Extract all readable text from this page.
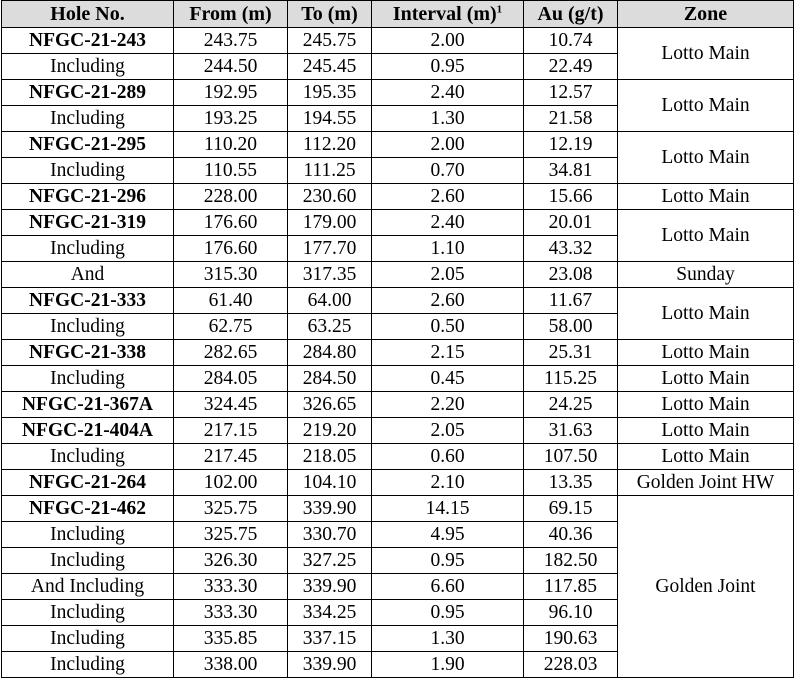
Hole No.	From (m)	To (m)	Interval $(m)^1$	Au (g/t)	Zone
NFGC-21-243	243.75	245.75	2.00	10.74	Lotto Main
Including	244.50	245.45	0.95	22.49	
NFGC-21-289	192.95	195.35	2.40	12.57	Lotto Main
Including	193.25	194.55	1.30	21.58	
NFGC-21-295	110.20	112.20	2.00	12.19	Lotto Main
Including	110.55	111.25	0.70	34.81	
NFGC-21-296	228.00	230.60	2.60	15.66	Lotto Main
NFGC-21-319	176.60	179.00	2.40	20.01	Lotto Main
Including	176.60	177.70	1.10	43.32	
And	315.30	317.35	2.05	23.08	Sunday
NFGC-21-333	61.40	64.00	2.60	11.67	Lotto Main
Including	62.75	63.25	0.50	58.00	
NFGC-21-338	282.65	284.80	2.15	25.31	Lotto Main
Including	284.05	284.50	0.45	115.25	Lotto Main
NFGC-21-367A	324.45	326.65	2.20	24.25	Lotto Main
NFGC-21-404A	217.15	219.20	2.05	31.63	Lotto Main
Including	217.45	218.05	0.60	107.50	Lotto Main
NFGC-21-264	102.00	104.10	2.10	13.35	Golden Joint HW
NFGC-21-462	325.75	339.90	14.15	69.15	Golden Joint
Including	325.75	330.70	4.95	40.36	
Including	326.30	327.25	0.95	182.50	
And Including	333.30	339.90	6.60	117.85	
Including	333.30	334.25	0.95	96.10	
Including	335.85	337.15	1.30	190.63	
Including	338.00	339.90	1.90	228.03	
